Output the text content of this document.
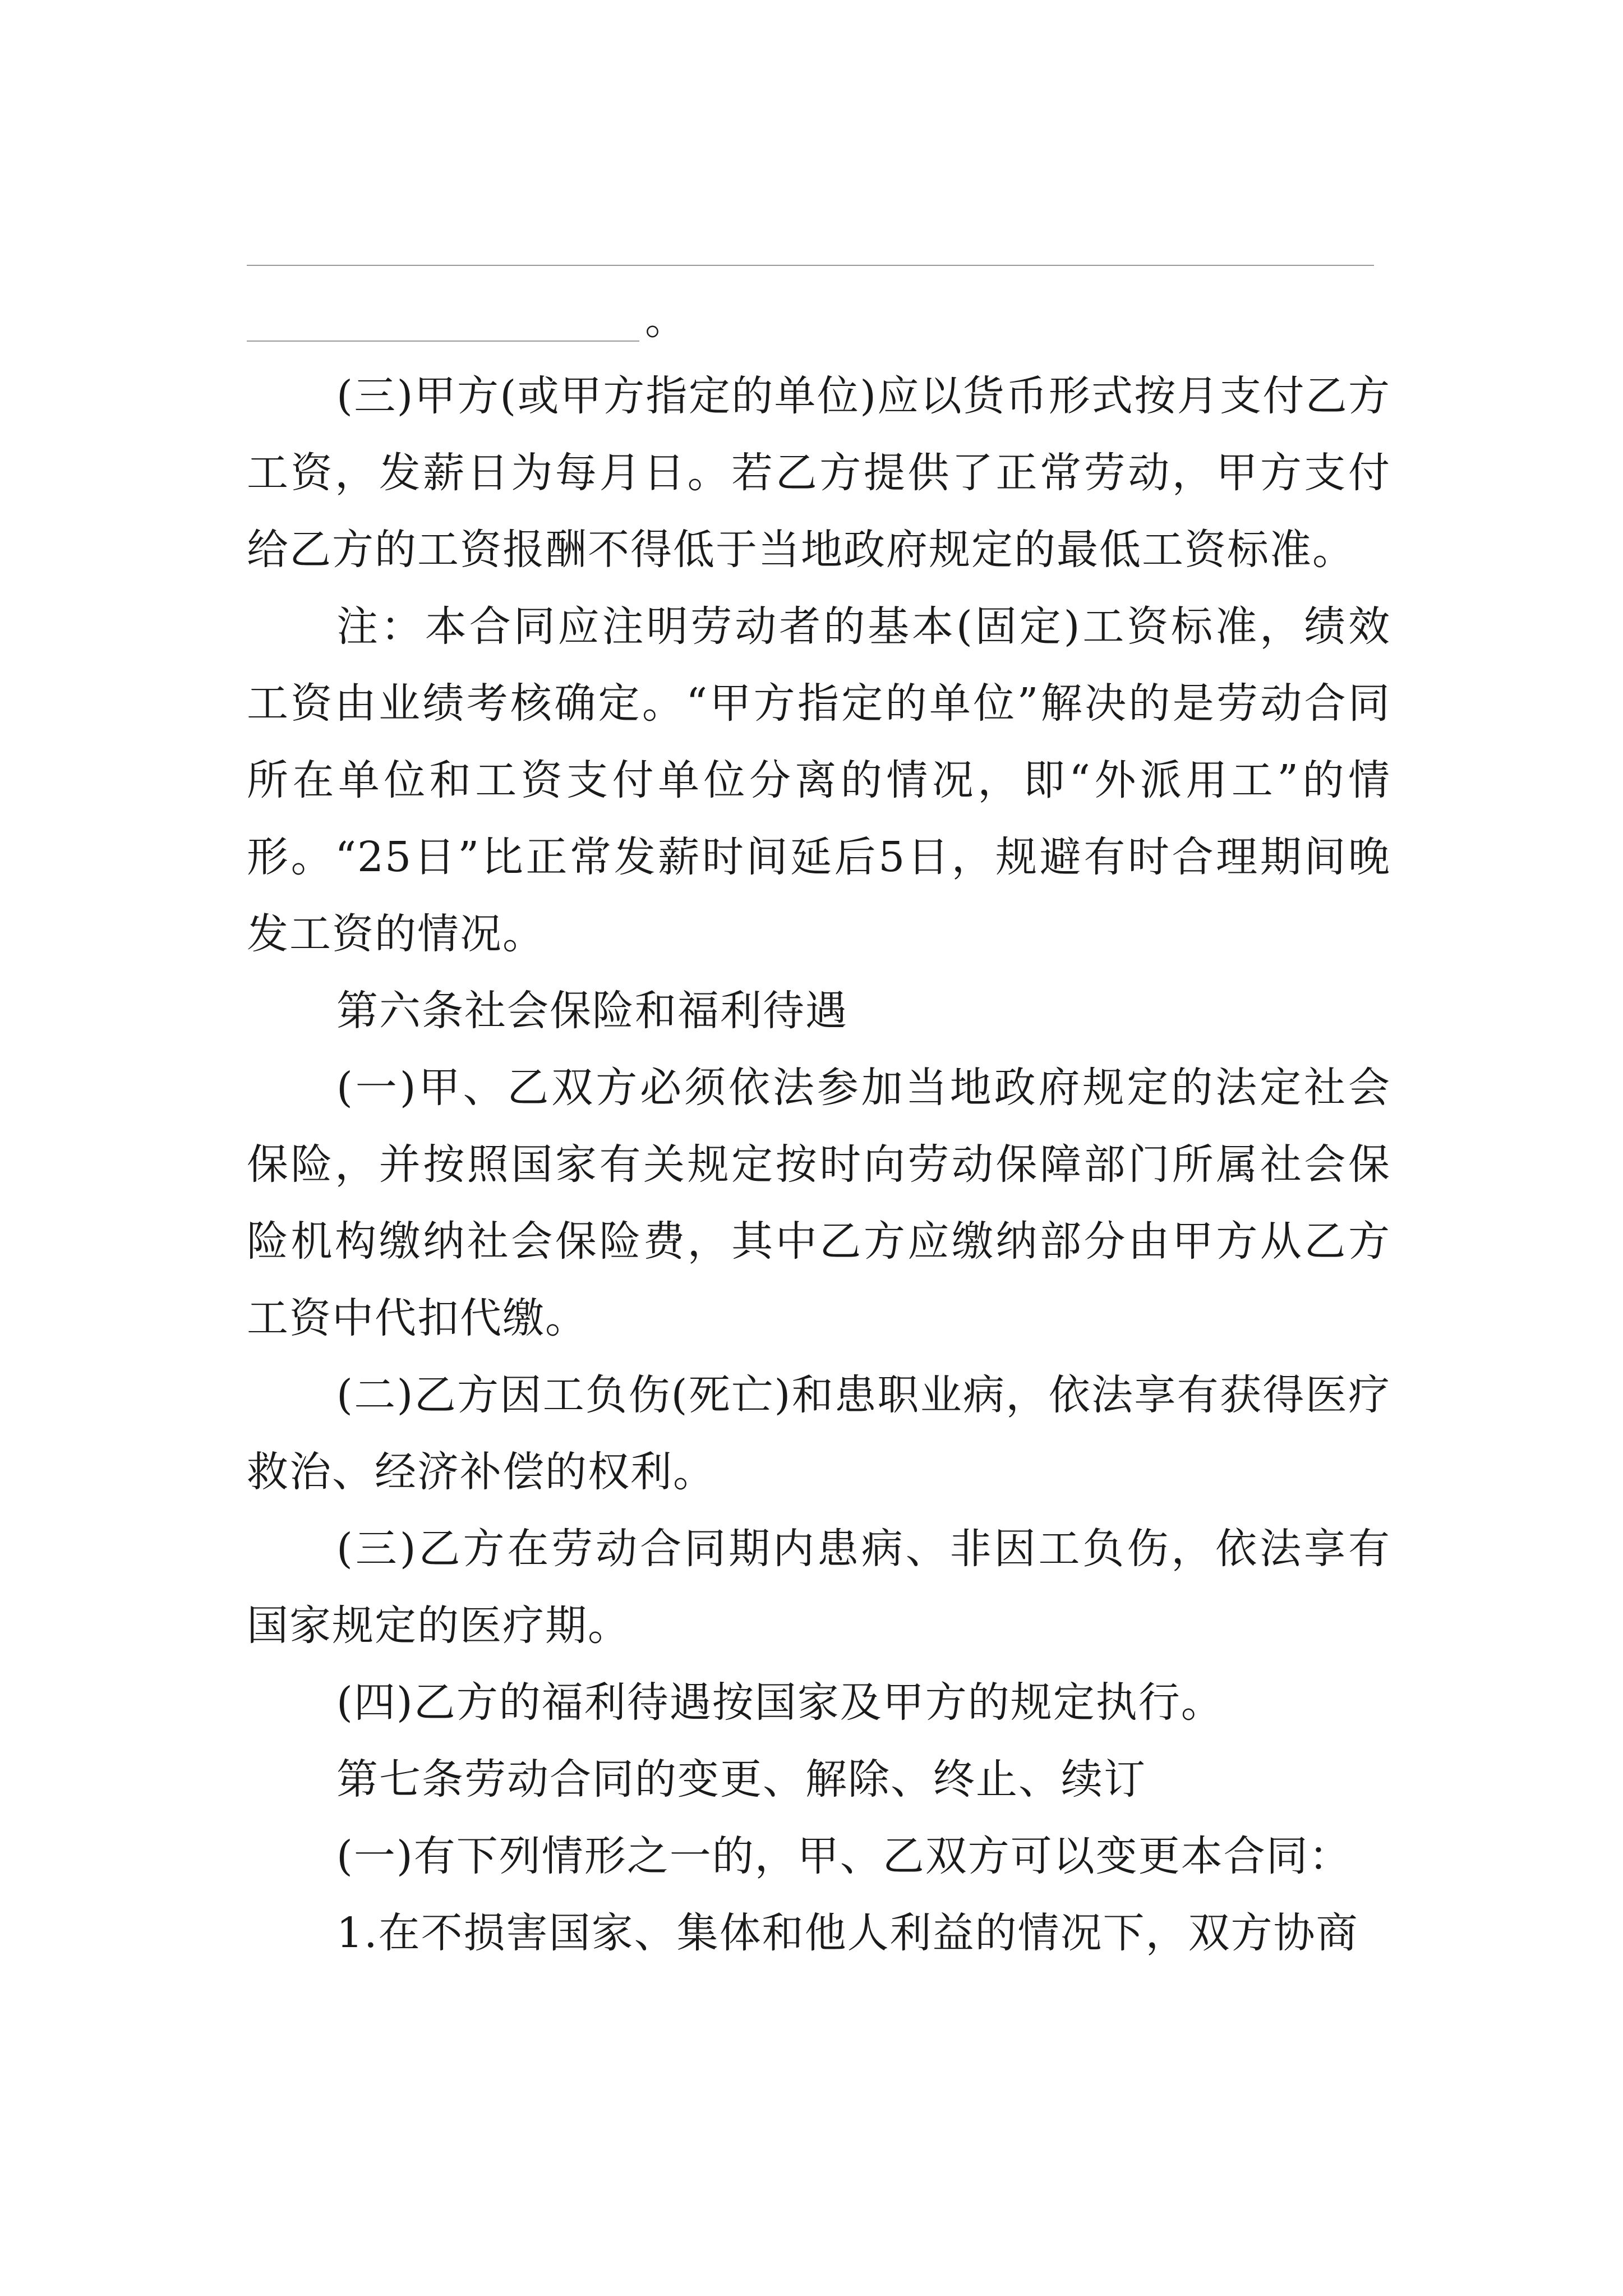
。

(三)甲方(或甲方指定的单位)应以货币形式按月支付乙方工资，发薪日为每月日。若乙方提供了正常劳动，甲方支付给乙方的工资报酬不得低于当地政府规定的最低工资标准。

注：本合同应注明劳动者的基本(固定)工资标准，绩效工资由业绩考核确定。“甲方指定的单位”解决的是劳动合同所在单位和工资支付单位分离的情况，即“外派用工”的情形。“25日”比正常发薪时间延后5日，规避有时合理期间晚发工资的情况。

第六条社会保险和福利待遇

(一)甲、乙双方必须依法参加当地政府规定的法定社会保险，并按照国家有关规定按时向劳动保障部门所属社会保险机构缴纳社会保险费，其中乙方应缴纳部分由甲方从乙方工资中代扣代缴。

(二)乙方因工负伤(死亡)和患职业病，依法享有获得医疗救治、经济补偿的权利。

(三)乙方在劳动合同期内患病、非因工负伤，依法享有国家规定的医疗期。

(四)乙方的福利待遇按国家及甲方的规定执行。

第七条劳动合同的变更、解除、终止、续订

(一)有下列情形之一的，甲、乙双方可以变更本合同：

1.在不损害国家、集体和他人利益的情况下，双方协商
